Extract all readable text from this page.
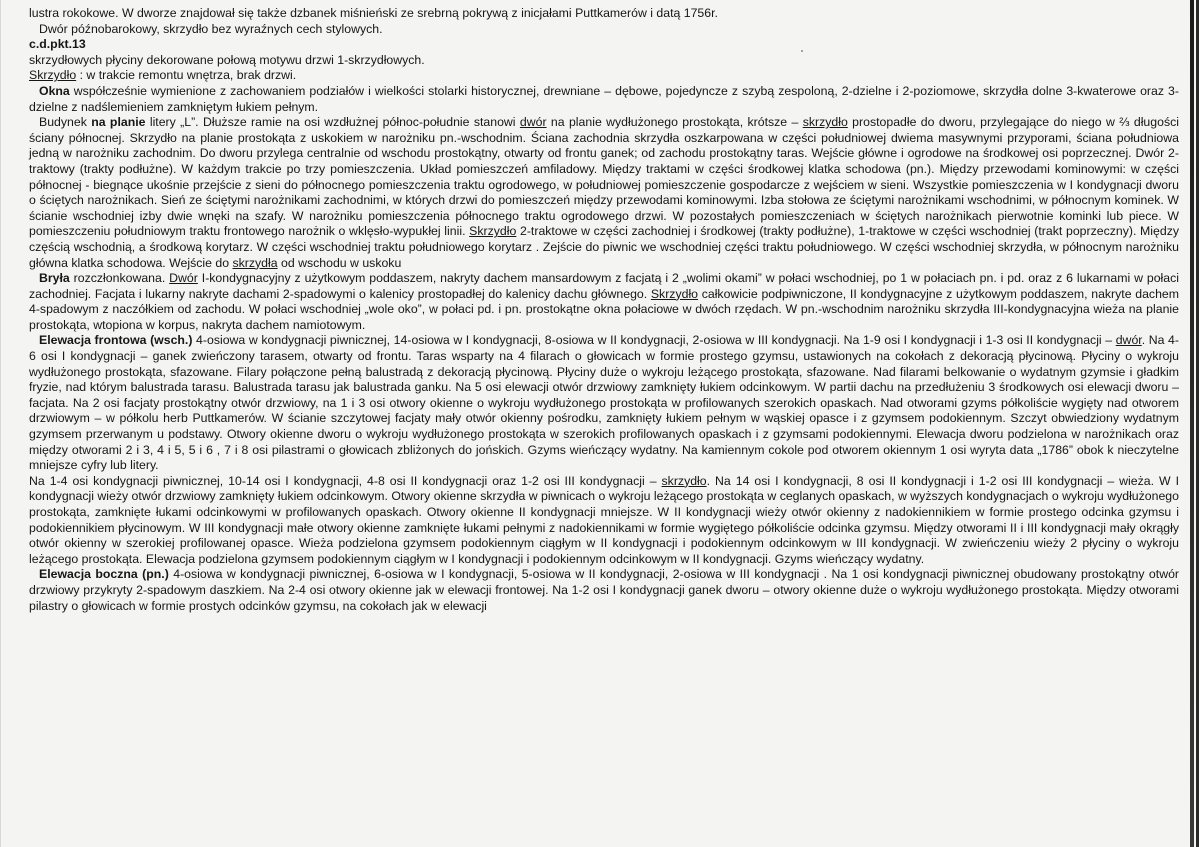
lustra rokokowe. W dworze znajdował się także dzbanek miśnieński ze srebrną pokrywą z inicjałami Puttkamerów i datą 1756r.

Dwór późnobarokowy, skrzydło bez wyraźnych cech stylowych.

c.d.pkt.13

skrzydłowych płyciny dekorowane połową motywu drzwi 1-skrzydłowych.

Skrzydło : w trakcie remontu wnętrza, brak drzwi.

Okna współcześnie wymienione z zachowaniem podziałów i wielkości stolarki historycznej, drewniane – dębowe, pojedyncze z szybą zespoloną, 2-dzielne i 2-poziomowe, skrzydła dolne 3-kwaterowe oraz 3-dzielne z nadślemieniem zamkniętym łukiem pełnym.

Budynek na planie litery „L”. Dłuższe ramie na osi wzdłużnej północ-południe stanowi dwór na planie wydłużonego prostokąta, krótsze – skrzydło prostopadłe do dworu, przylegające do niego w ⅔ długości ściany północnej. Skrzydło na planie prostokąta z uskokiem w narożniku pn.-wschodnim. Ściana zachodnia skrzydła oszkarpowana w części południowej dwiema masywnymi przyporami, ściana południowa jedną w narożniku zachodnim. Do dworu przylega centralnie od wschodu prostokątny, otwarty od frontu ganek; od zachodu prostokątny taras. Wejście główne i ogrodowe na środkowej osi poprzecznej. Dwór 2-traktowy (trakty podłużne). W każdym trakcie po trzy pomieszczenia. Układ pomieszczeń amfiladowy. Między traktami w części środkowej klatka schodowa (pn.). Między przewodami kominowymi: w części północnej - biegnące ukośnie przejście z sieni do północnego pomieszczenia traktu ogrodowego, w południowej pomieszczenie gospodarcze z wejściem w sieni. Wszystkie pomieszczenia w I kondygnacji dworu o ściętych narożnikach. Sień ze ściętymi narożnikami zachodnimi, w których drzwi do pomieszczeń między przewodami kominowymi. Izba stołowa ze ściętymi narożnikami wschodnimi, w północnym kominek. W ścianie wschodniej izby dwie wnęki na szafy. W narożniku pomieszczenia północnego traktu ogrodowego drzwi. W pozostałych pomieszczeniach w ściętych narożnikach pierwotnie kominki lub piece. W pomieszczeniu południowym traktu frontowego narożnik o wklęsło-wypukłej linii. Skrzydło 2-traktowe w części zachodniej i środkowej (trakty podłużne), 1-traktowe w części wschodniej (trakt poprzeczny). Między częścią wschodnią, a środkową korytarz. W części wschodniej traktu południowego korytarz . Zejście do piwnic we wschodniej części traktu południowego. W części wschodniej skrzydła, w północnym narożniku główna klatka schodowa. Wejście do skrzydła od wschodu w uskoku

Bryła rozczłonkowana. Dwór I-kondygnacyjny z użytkowym poddaszem, nakryty dachem mansardowym z facjatą i 2 „wolimi okami” w połaci wschodniej, po 1 w połaciach pn. i pd. oraz z 6 lukarnami w połaci zachodniej. Facjata i lukarny nakryte dachami 2-spadowymi o kalenicy prostopadłej do kalenicy dachu głównego. Skrzydło całkowicie podpiwniczone, II kondygnacyjne z użytkowym poddaszem, nakryte dachem 4-spadowym z naczółkiem od zachodu. W połaci wschodniej „wole oko”, w połaci pd. i pn. prostokątne okna połaciowe w dwóch rzędach. W pn.-wschodnim narożniku skrzydła III-kondygnacyjna wieża na planie prostokąta, wtopiona w korpus, nakryta dachem namiotowym.

Elewacja frontowa (wsch.) 4-osiowa w kondygnacji piwnicznej, 14-osiowa w I kondygnacji, 8-osiowa w II kondygnacji, 2-osiowa w III kondygnacji. Na 1-9 osi I kondygnacji i 1-3 osi II kondygnacji – dwór. Na 4-6 osi I kondygnacji – ganek zwieńczony tarasem, otwarty od frontu. Taras wsparty na 4 filarach o głowicach w formie prostego gzymsu, ustawionych na cokołach z dekoracją płycinową. Płyciny o wykroju wydłużonego prostokąta, sfazowane. Filary połączone pełną balustradą z dekoracją płycinową. Płyciny duże o wykroju leżącego prostokąta, sfazowane. Nad filarami belkowanie o wydatnym gzymsie i gładkim fryzie, nad którym balustrada tarasu. Balustrada tarasu jak balustrada ganku. Na 5 osi elewacji otwór drzwiowy zamknięty łukiem odcinkowym. W partii dachu na przedłużeniu 3 środkowych osi elewacji dworu – facjata. Na 2 osi facjaty prostokątny otwór drzwiowy, na 1 i 3 osi otwory okienne o wykroju wydłużonego prostokąta w profilowanych szerokich opaskach. Nad otworami gzyms półkoliście wygięty nad otworem drzwiowym – w półkolu herb Puttkamerów. W ścianie szczytowej facjaty mały otwór okienny pośrodku, zamknięty łukiem pełnym w wąskiej opasce i z gzymsem podokiennym. Szczyt obwiedziony wydatnym gzymsem przerwanym u podstawy. Otwory okienne dworu o wykroju wydłużonego prostokąta w szerokich profilowanych opaskach i z gzymsami podokiennymi. Elewacja dworu podzielona w narożnikach oraz między otworami 2 i 3, 4 i 5, 5 i 6 , 7 i 8 osi pilastrami o głowicach zbliżonych do jońskich. Gzyms wieńczący wydatny. Na kamiennym cokole pod otworem okiennym 1 osi wyryta data „1786” obok k nieczytelne mniejsze cyfry lub litery.

Na 1-4 osi kondygnacji piwnicznej, 10-14 osi I kondygnacji, 4-8 osi II kondygnacji oraz 1-2 osi III kondygnacji – skrzydło. Na 14 osi I kondygnacji, 8 osi II kondygnacji i 1-2 osi III kondygnacji – wieża. W I kondygnacji wieży otwór drzwiowy zamknięty łukiem odcinkowym. Otwory okienne skrzydła w piwnicach o wykroju leżącego prostokąta w ceglanych opaskach, w wyższych kondygnacjach o wykroju wydłużonego prostokąta, zamknięte łukami odcinkowymi w profilowanych opaskach. Otwory okienne II kondygnacji mniejsze. W II kondygnacji wieży otwór okienny z nadokiennikiem w formie prostego odcinka gzymsu i podokiennikiem płycinowym. W III kondygnacji małe otwory okienne zamknięte łukami pełnymi z nadokiennikami w formie wygiętego półkoliście odcinka gzymsu. Między otworami II i III kondygnacji mały okrągły otwór okienny w szerokiej profilowanej opasce. Wieża podzielona gzymsem podokiennym ciągłym w II kondygnacji i podokiennym odcinkowym w III kondygnacji. W zwieńczeniu wieży 2 płyciny o wykroju leżącego prostokąta. Elewacja podzielona gzymsem podokiennym ciągłym w I kondygnacji i podokiennym odcinkowym w II kondygnacji. Gzyms wieńczący wydatny.

Elewacja boczna (pn.) 4-osiowa w kondygnacji piwnicznej, 6-osiowa w I kondygnacji, 5-osiowa w II kondygnacji, 2-osiowa w III kondygnacji . Na 1 osi kondygnacji piwnicznej obudowany prostokątny otwór drzwiowy przykryty 2-spadowym daszkiem. Na 2-4 osi otwory okienne jak w elewacji frontowej. Na 1-2 osi I kondygnacji ganek dworu – otwory okienne duże o wykroju wydłużonego prostokąta. Między otworami pilastry o głowicach w formie prostych odcinków gzymsu, na cokołach jak w elewacji
